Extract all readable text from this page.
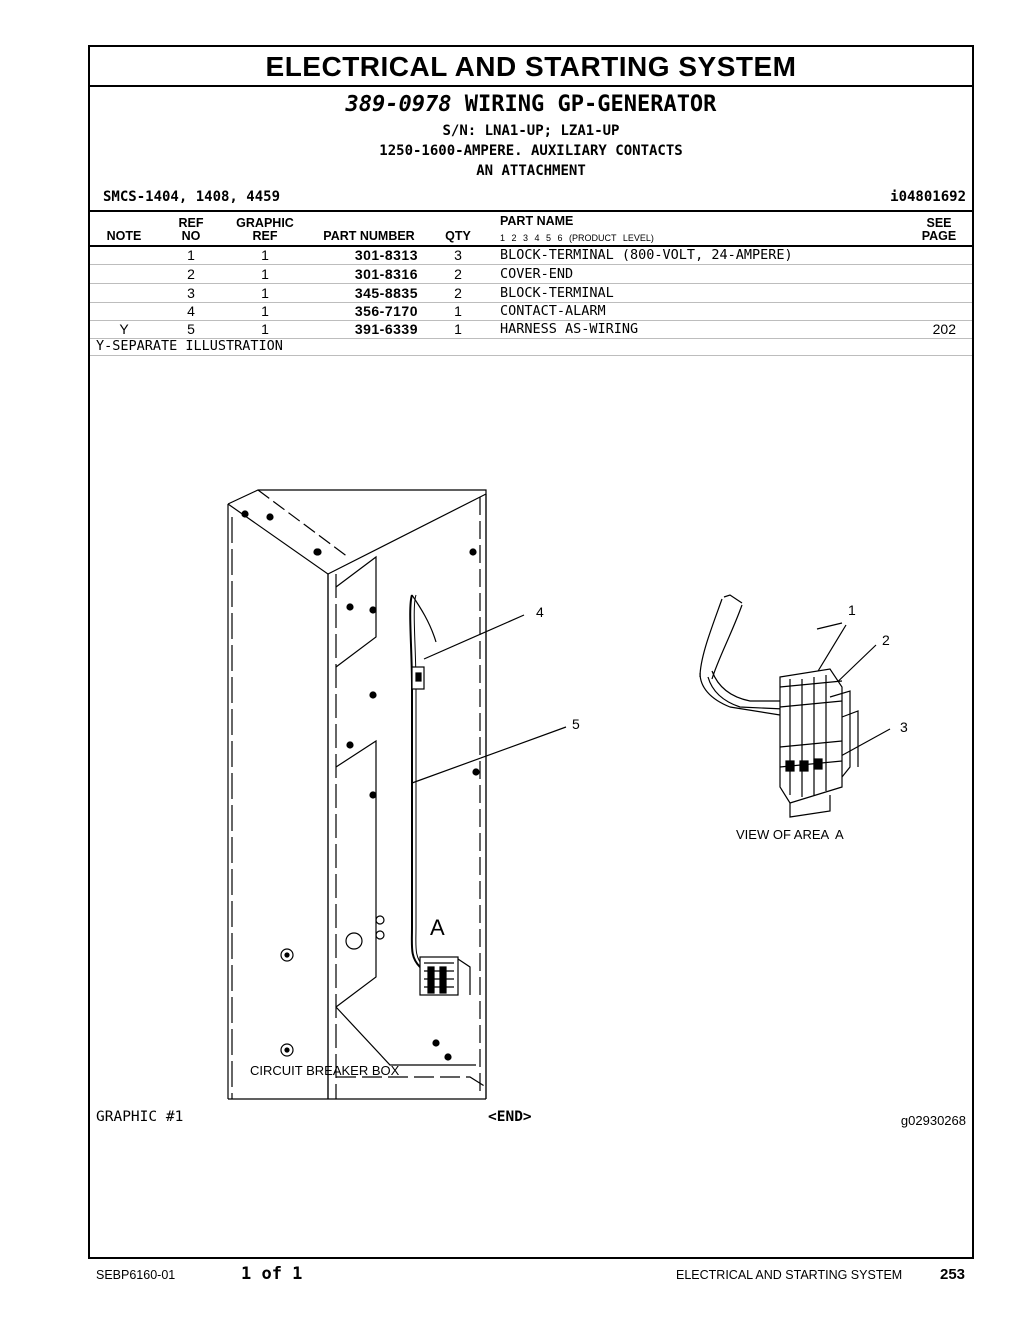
ELECTRICAL AND STARTING SYSTEM
389-0978 WIRING GP-GENERATOR
S/N: LNA1-UP; LZA1-UP
1250-1600-AMPERE. AUXILIARY CONTACTS
AN ATTACHMENT
SMCS-1404, 1408, 4459	i04801692
NOTE
REF
NO
GRAPHIC
REF	PART NUMBER	QTY
PART NAME
1 2 3 4 5 6 (PRODUCT LEVEL)
SEE
PAGE
1	1	301-8313	3	BLOCK-TERMINAL (800-VOLT, 24-AMPERE)
2	1	301-8316	2	COVER-END
3	1	345-8835	2	BLOCK-TERMINAL
4	1	356-7170	1	CONTACT-ALARM
Y	5	1	391-6339	1	HARNESS AS-WIRING	202
Y-SEPARATE ILLUSTRATION
1
2
3
4
5
A
VIEW OF AREA  A
CIRCUIT BREAKER BOX
GRAPHIC #1	<END>	g02930268
SEBP6160-01	1 of 1	ELECTRICAL AND STARTING SYSTEM	253
